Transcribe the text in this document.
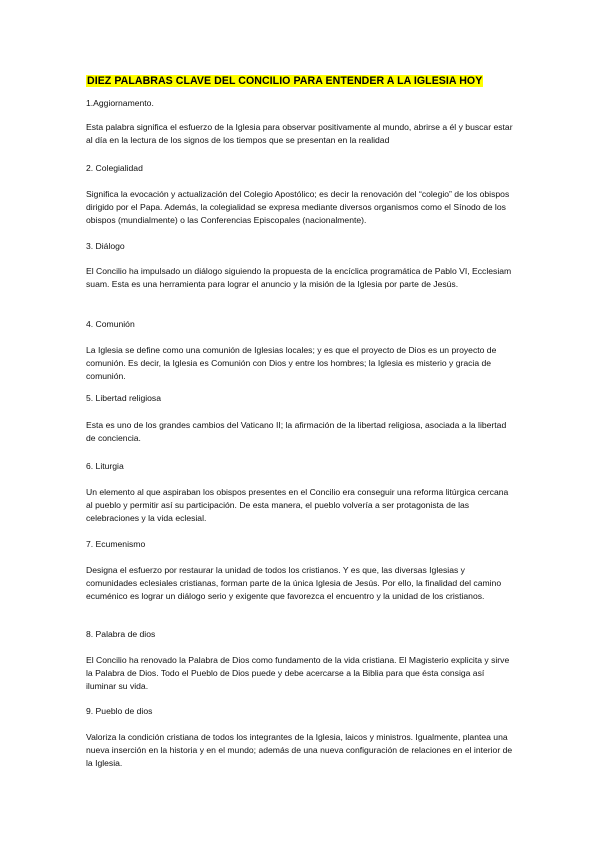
DIEZ PALABRAS CLAVE DEL CONCILIO PARA ENTENDER A LA IGLESIA HOY

1.Aggiornamento.

Esta palabra significa el esfuerzo de la Iglesia para observar positivamente al mundo, abrirse a él y buscar estar al día en la lectura de los signos de los tiempos que se presentan en la realidad

2. Colegialidad

Significa la evocación y actualización del Colegio Apostólico; es decir la renovación del “colegio” de los obispos dirigido por el Papa. Además, la colegialidad se expresa mediante diversos organismos como el Sínodo de los obispos (mundialmente) o las Conferencias Episcopales (nacionalmente).

3. Diálogo

El Concilio ha impulsado un diálogo siguiendo la propuesta de la encíclica programática de Pablo VI, Ecclesiam suam. Esta es una herramienta para lograr el anuncio y la misión de la Iglesia por parte de Jesús.

4. Comunión

La Iglesia se define como una comunión de Iglesias locales; y es que el proyecto de Dios es un proyecto de comunión. Es decir, la Iglesia es Comunión con Dios y entre los hombres; la Iglesia es misterio y gracia de comunión.

5. Libertad religiosa

Esta es uno de los grandes cambios del Vaticano II; la afirmación de la libertad religiosa, asociada a la libertad de conciencia.

6. Liturgia

Un elemento al que aspiraban los obispos presentes en el Concilio era conseguir una reforma litúrgica cercana al pueblo y permitir así su participación. De esta manera, el pueblo volvería a ser protagonista de las celebraciones y la vida eclesial.

7. Ecumenismo

Designa el esfuerzo por restaurar la unidad de todos los cristianos. Y es que, las diversas Iglesias y comunidades eclesiales cristianas, forman parte de la única Iglesia de Jesús. Por ello, la finalidad del camino ecuménico es lograr un diálogo serio y exigente que favorezca el encuentro y la unidad de los cristianos.

8. Palabra de dios

El Concilio ha renovado la Palabra de Dios como fundamento de la vida cristiana. El Magisterio explicita y sirve la Palabra de Dios. Todo el Pueblo de Dios puede y debe acercarse a la Biblia para que ésta consiga así iluminar su vida.

9. Pueblo de dios

Valoriza la condición cristiana de todos los integrantes de la Iglesia, laicos y ministros. Igualmente, plantea una nueva inserción en la historia y en el mundo; además de una nueva configuración de relaciones en el interior de la Iglesia.
